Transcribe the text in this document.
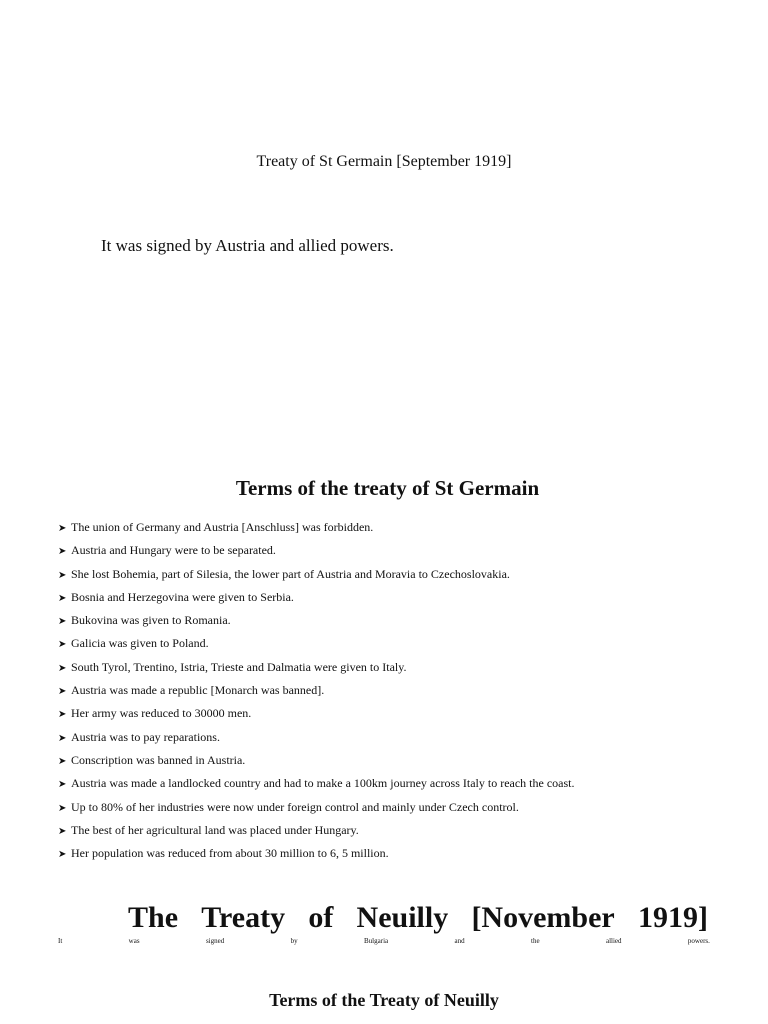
Treaty of St Germain [September 1919]
It was signed by Austria and allied powers.
Terms of the treaty of St Germain
➤ The union of Germany and Austria [Anschluss] was forbidden.
➤ Austria and Hungary were to be separated.
➤ She lost Bohemia, part of Silesia, the lower part of Austria and Moravia to Czechoslovakia.
➤ Bosnia and Herzegovina were given to Serbia.
➤ Bukovina was given to Romania.
➤ Galicia was given to Poland.
➤ South Tyrol, Trentino, Istria, Trieste and Dalmatia were given to Italy.
➤ Austria was made a republic [Monarch was banned].
➤ Her army was reduced to 30000 men.
➤ Austria was to pay reparations.
➤ Conscription was banned in Austria.
➤ Austria was made a landlocked country and had to make a 100km journey across Italy to reach the coast.
➤ Up to 80% of her industries were now under foreign control and mainly under Czech control.
➤ The best of her agricultural land was placed under Hungary.
➤ Her population was reduced from about 30 million to 6, 5 million.
The Treaty of Neuilly [November 1919]
It	was	signed	by	Bulgaria	and	the	allied	powers.
Terms of the Treaty of Neuilly
